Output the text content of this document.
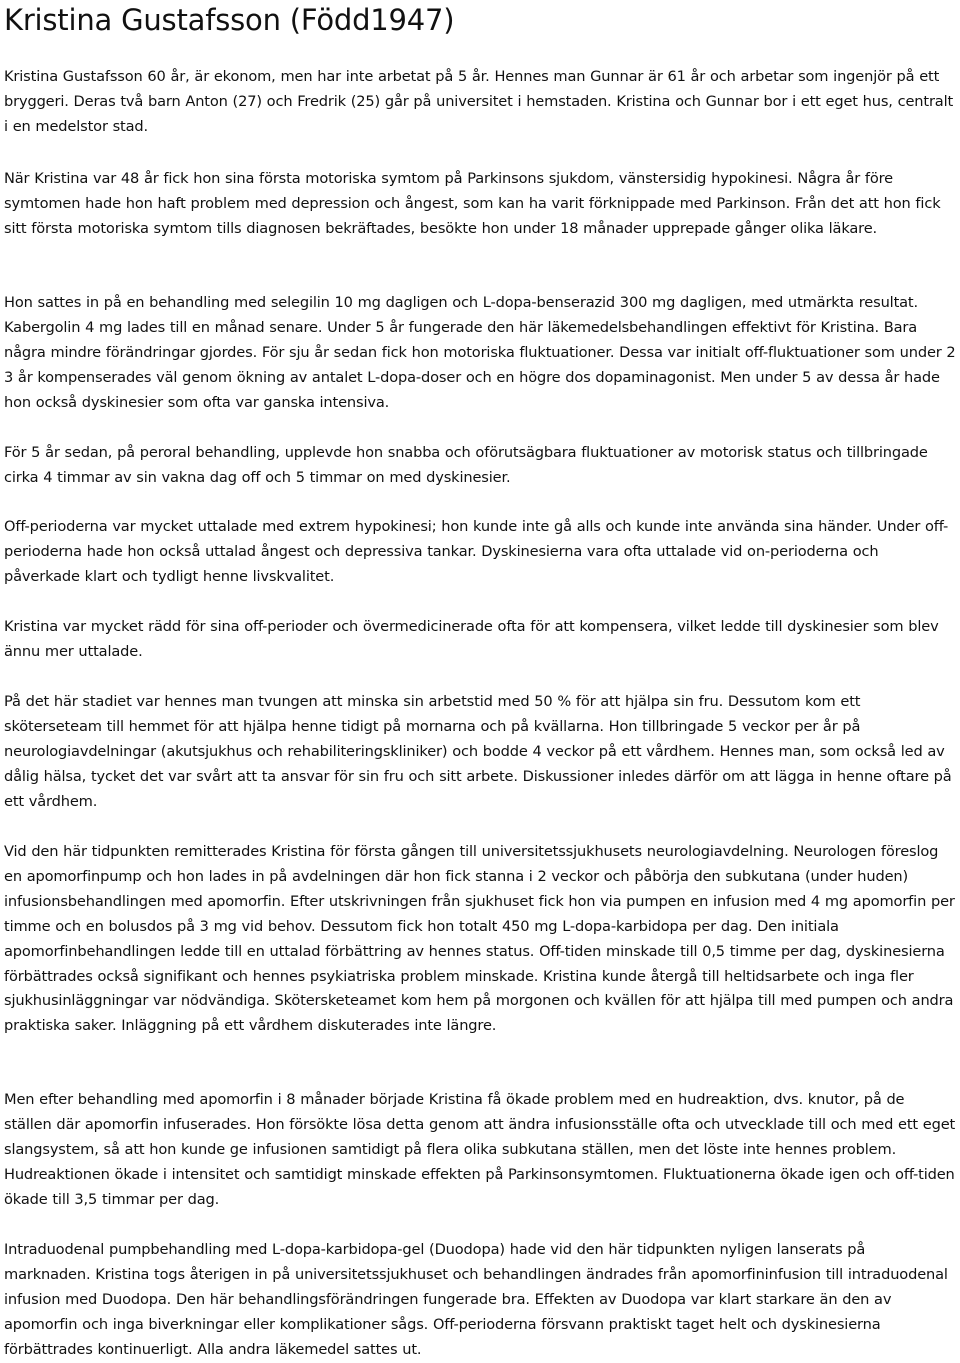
Kristina Gustafsson (Född1947)

Kristina Gustafsson 60 år, är ekonom, men har inte arbetat på 5 år. Hennes man Gunnar är 61 år och arbetar som ingenjör på ett bryggeri. Deras två barn Anton (27) och Fredrik (25) går på universitet i hemstaden. Kristina och Gunnar bor i ett eget hus, centralt i en medelstor stad.

När Kristina var 48 år fick hon sina första motoriska symtom på Parkinsons sjukdom, vänstersidig hypokinesi. Några år före symtomen hade hon haft problem med depression och ångest, som kan ha varit förknippade med Parkinson. Från det att hon fick sitt första motoriska symtom tills diagnosen bekräftades, besökte hon under 18 månader upprepade gånger olika läkare.

Hon sattes in på en behandling med selegilin 10 mg dagligen och L-dopa-benserazid 300 mg dagligen, med utmärkta resultat. Kabergolin 4 mg lades till en månad senare. Under 5 år fungerade den här läkemedelsbehandlingen effektivt för Kristina. Bara några mindre förändringar gjordes. För sju år sedan fick hon motoriska fluktuationer. Dessa var initialt off-fluktuationer som under 2 3 år kompenserades väl genom ökning av antalet L-dopa-doser och en högre dos dopaminagonist. Men under 5 av dessa år hade hon också dyskinesier som ofta var ganska intensiva.

För 5 år sedan, på peroral behandling, upplevde hon snabba och oförutsägbara fluktuationer av motorisk status och tillbringade cirka 4 timmar av sin vakna dag off och 5 timmar on med dyskinesier.

Off-perioderna var mycket uttalade med extrem hypokinesi; hon kunde inte gå alls och kunde inte använda sina händer. Under off-perioderna hade hon också uttalad ångest och depressiva tankar. Dyskinesierna vara ofta uttalade vid on-perioderna och påverkade klart och tydligt henne livskvalitet.

Kristina var mycket rädd för sina off-perioder och övermedicinerade ofta för att kompensera, vilket ledde till dyskinesier som blev ännu mer uttalade.

På det här stadiet var hennes man tvungen att minska sin arbetstid med 50 % för att hjälpa sin fru. Dessutom kom ett sköterseteam till hemmet för att hjälpa henne tidigt på mornarna och på kvällarna. Hon tillbringade 5 veckor per år på neurologiavdelningar (akutsjukhus och rehabiliteringskliniker) och bodde 4 veckor på ett vårdhem. Hennes man, som också led av dålig hälsa, tycket det var svårt att ta ansvar för sin fru och sitt arbete. Diskussioner inledes därför om att lägga in henne oftare på ett vårdhem.

Vid den här tidpunkten remitterades Kristina för första gången till universitetssjukhusets neurologiavdelning. Neurologen föreslog en apomorfinpump och hon lades in på avdelningen där hon fick stanna i 2 veckor och påbörja den subkutana (under huden) infusionsbehandlingen med apomorfin. Efter utskrivningen från sjukhuset fick hon via pumpen en infusion med 4 mg apomorfin per timme och en bolusdos på 3 mg vid behov. Dessutom fick hon totalt 450 mg L-dopa-karbidopa per dag. Den initiala apomorfinbehandlingen ledde till en uttalad förbättring av hennes status. Off-tiden minskade till 0,5 timme per dag, dyskinesierna förbättrades också signifikant och hennes psykiatriska problem minskade. Kristina kunde återgå till heltidsarbete och inga fler sjukhusinläggningar var nödvändiga. Skötersketeamet kom hem på morgonen och kvällen för att hjälpa till med pumpen och andra praktiska saker. Inläggning på ett vårdhem diskuterades inte längre.

Men efter behandling med apomorfin i 8 månader började Kristina få ökade problem med en hudreaktion, dvs. knutor, på de ställen där apomorfin infuserades. Hon försökte lösa detta genom att ändra infusionsställe ofta och utvecklade till och med ett eget slangsystem, så att hon kunde ge infusionen samtidigt på flera olika subkutana ställen, men det löste inte hennes problem. Hudreaktionen ökade i intensitet och samtidigt minskade effekten på Parkinsonsymtomen. Fluktuationerna ökade igen och off-tiden ökade till 3,5 timmar per dag.

Intraduodenal pumpbehandling med L-dopa-karbidopa-gel (Duodopa) hade vid den här tidpunkten nyligen lanserats på marknaden. Kristina togs återigen in på universitetssjukhuset och behandlingen ändrades från apomorfininfusion till intraduodenal infusion med Duodopa. Den här behandlingsförändringen fungerade bra. Effekten av Duodopa var klart starkare än den av apomorfin och inga biverkningar eller komplikationer sågs. Off-perioderna försvann praktiskt taget helt och dyskinesierna förbättrades kontinuerligt. Alla andra läkemedel sattes ut.
